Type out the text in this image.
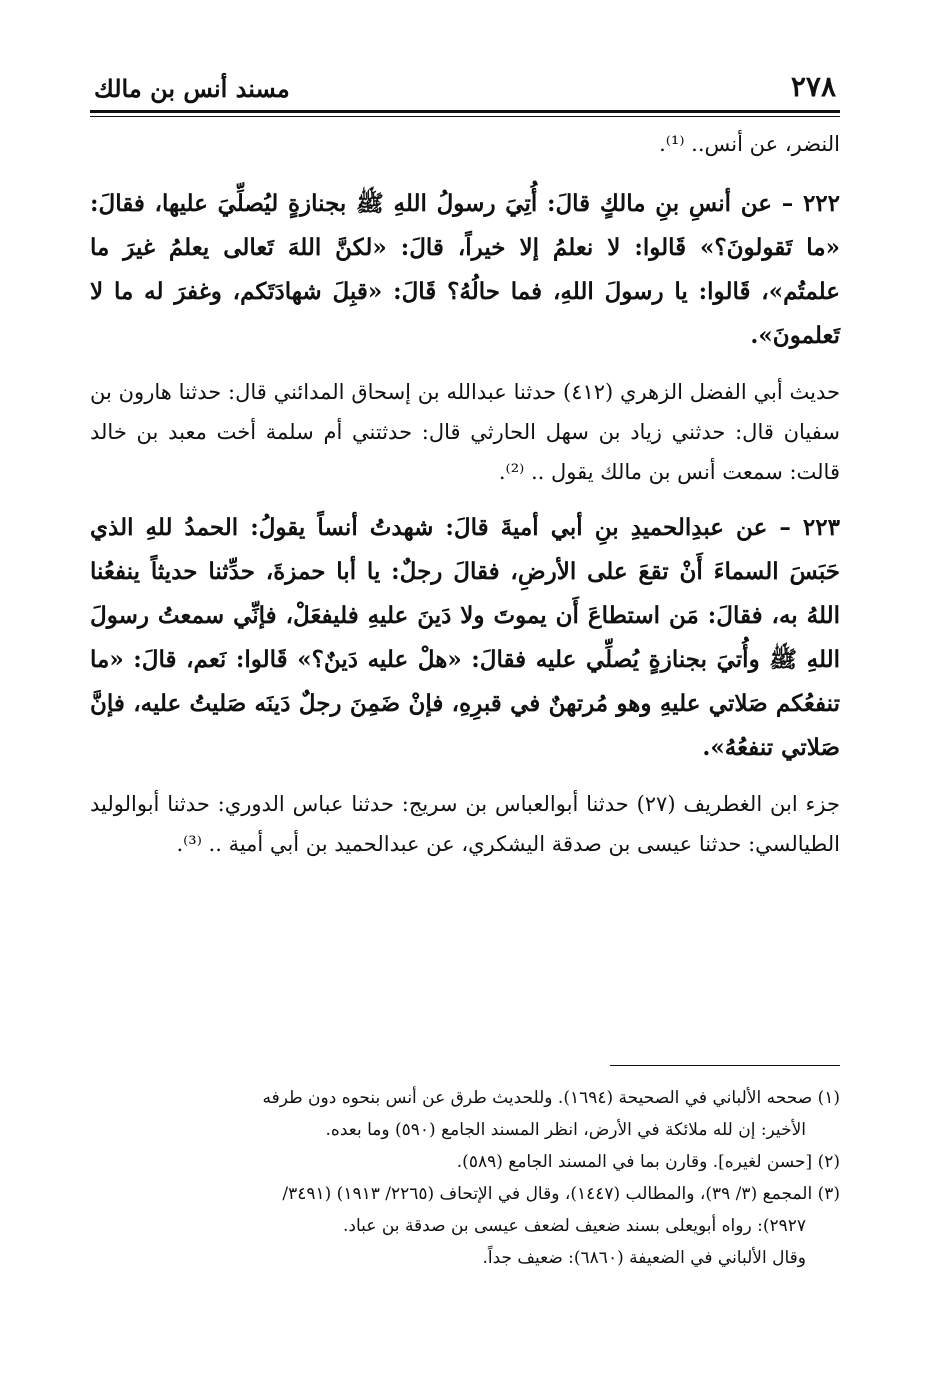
٢٧٨
مسند أنس بن مالك

النضر، عن أنس.. ⁽¹⁾.

٢٢٢ – عن أنسِ بنِ مالكٍ قالَ: أُتِيَ رسولُ اللهِ ﷺ بجنازةٍ ليُصلِّيَ عليها، فقالَ: «ما تَقولونَ؟» قَالوا: لا نعلمُ إلا خيراً، قالَ: «لكنَّ اللهَ تَعالى يعلمُ غيرَ ما علمتُم»، قَالوا: يا رسولَ اللهِ، فما حالُهُ؟ قَالَ: «قبِلَ شهادَتَكم، وغفرَ له ما لا تَعلمونَ».

حديث أبي الفضل الزهري (٤١٢) حدثنا عبدالله بن إسحاق المدائني قال: حدثنا هارون بن سفيان قال: حدثني زياد بن سهل الحارثي قال: حدثتني أم سلمة أخت معبد بن خالد قالت: سمعت أنس بن مالك يقول .. ⁽²⁾.

٢٢٣ – عن عبدِالحميدِ بنِ أبي أميةَ قالَ: شهدتُ أنساً يقولُ: الحمدُ للهِ الذي حَبَسَ السماءَ أَنْ تقعَ على الأرضِ، فقالَ رجلٌ: يا أبا حمزةَ، حدِّثنا حديثاً ينفعُنا اللهُ به، فقالَ: مَن استطاعَ أَن يموتَ ولا دَينَ عليهِ فليفعَلْ، فإنِّي سمعتُ رسولَ اللهِ ﷺ وأُتيَ بجنازةٍ يُصلِّي عليه فقالَ: «هلْ عليه دَينٌ؟» قَالوا: نَعم، قالَ: «ما تنفعُكم صَلاتي عليهِ وهو مُرتهنٌ في قبرِهِ، فإنْ ضَمِنَ رجلٌ دَينَه صَليتُ عليه، فإنَّ صَلاتي تنفعُهُ».

جزء ابن الغطريف (٢٧) حدثنا أبوالعباس بن سريج: حدثنا عباس الدوري: حدثنا أبوالوليد الطيالسي: حدثنا عيسى بن صدقة اليشكري، عن عبدالحميد بن أبي أمية .. ⁽³⁾.

(١) صححه الألباني في الصحيحة (١٦٩٤). وللحديث طرق عن أنس بنحوه دون طرفه

الأخير: إن لله ملائكة في الأرض، انظر المسند الجامع (٥٩٠) وما بعده.

(٢) [حسن لغيره]. وقارن بما في المسند الجامع (٥٨٩).

(٣) المجمع (٣/ ٣٩)، والمطالب (١٤٤٧)، وقال في الإتحاف (٢٢٦٥/ ١٩١٣) (٣٤٩١/

٢٩٢٧): رواه أبويعلى بسند ضعيف لضعف عيسى بن صدقة بن عباد.

وقال الألباني في الضعيفة (٦٨٦٠): ضعيف جداً.
